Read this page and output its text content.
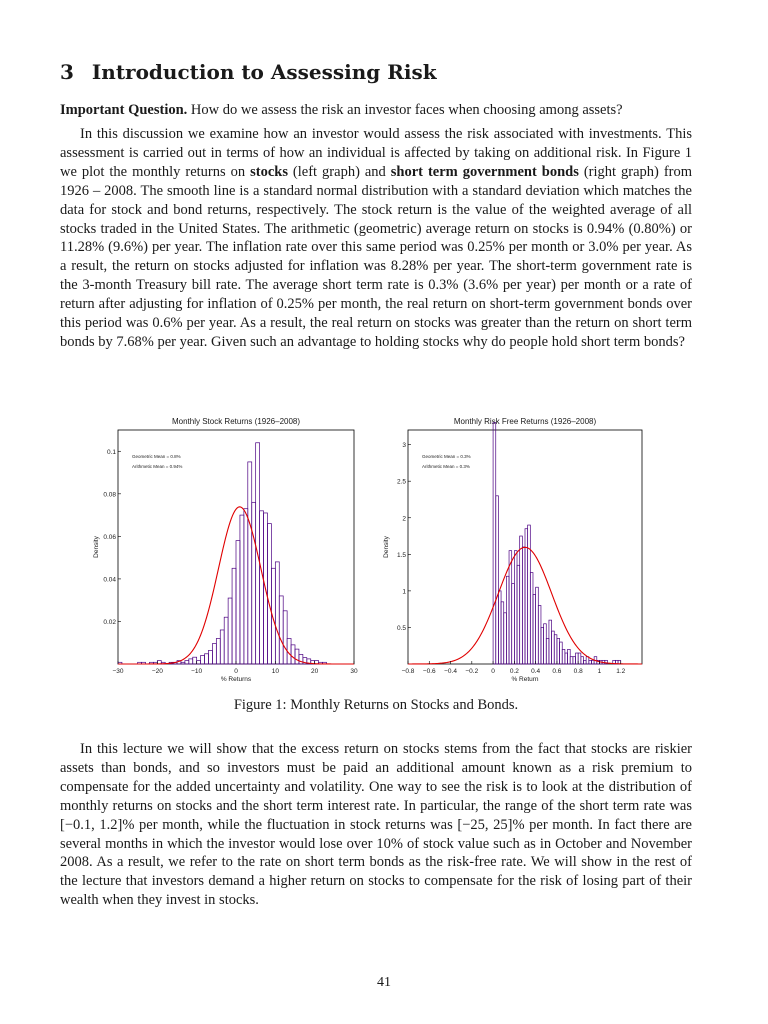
3 Introduction to Assessing Risk

Important Question. How do we assess the risk an investor faces when choosing among assets?

In this discussion we examine how an investor would assess the risk associated with investments. This assessment is carried out in terms of how an individual is affected by taking on additional risk. In Figure 1 we plot the monthly returns on stocks (left graph) and short term government bonds (right graph) from 1926 – 2008. The smooth line is a standard normal distribution with a standard deviation which matches the data for stock and bond returns, respectively. The stock return is the value of the weighted average of all stocks traded in the United States. The arithmetic (geometric) average return on stocks is 0.94% (0.80%) or 11.28% (9.6%) per year. The inflation rate over this same period was 0.25% per month or 3.0% per year. As a result, the return on stocks adjusted for inflation was 8.28% per year. The short-term government rate is the 3-month Treasury bill rate. The average short term rate is 0.3% (3.6% per year) per month or a rate of return after adjusting for inflation of 0.25% per month, the real return on short-term government bonds over this period was 0.6% per year. As a result, the real return on stocks was greater than the return on short term bonds by 7.68% per year. Given such an advantage to holding stocks why do people hold short term bonds?

Monthly Stock Returns (1926–2008)
−30	−20	−10	0	10	20	30
0.02
0.04
0.06
0.08
0.1
% Returns
Density
Geometric Mean = 0.8%
Arithmetic Mean = 0.94%
Monthly Risk Free Returns (1926–2008)
−0.8 −0.6 −0.4 −0.2 0 0.2 0.4 0.6 0.8 1 1.2
0.5
1
1.5
2
2.5
3
% Return
Density
Geometric Mean = 0.3%
Arithmetic Mean = 0.3%

Figure 1: Monthly Returns on Stocks and Bonds.

In this lecture we will show that the excess return on stocks stems from the fact that stocks are riskier assets than bonds, and so investors must be paid an additional amount known as a risk premium to compensate for the added uncertainty and volatility. One way to see the risk is to look at the distribution of monthly returns on stocks and the short term interest rate. In particular, the range of the short term rate was [−0.1, 1.2]% per month, while the fluctuation in stock returns was [−25, 25]% per month. In fact there are several months in which the investor would lose over 10% of stock value such as in October and November 2008. As a result, we refer to the rate on short term bonds as the risk-free rate. We will show in the rest of the lecture that investors demand a higher return on stocks to compensate for the risk of losing part of their wealth when they invest in stocks.

41
